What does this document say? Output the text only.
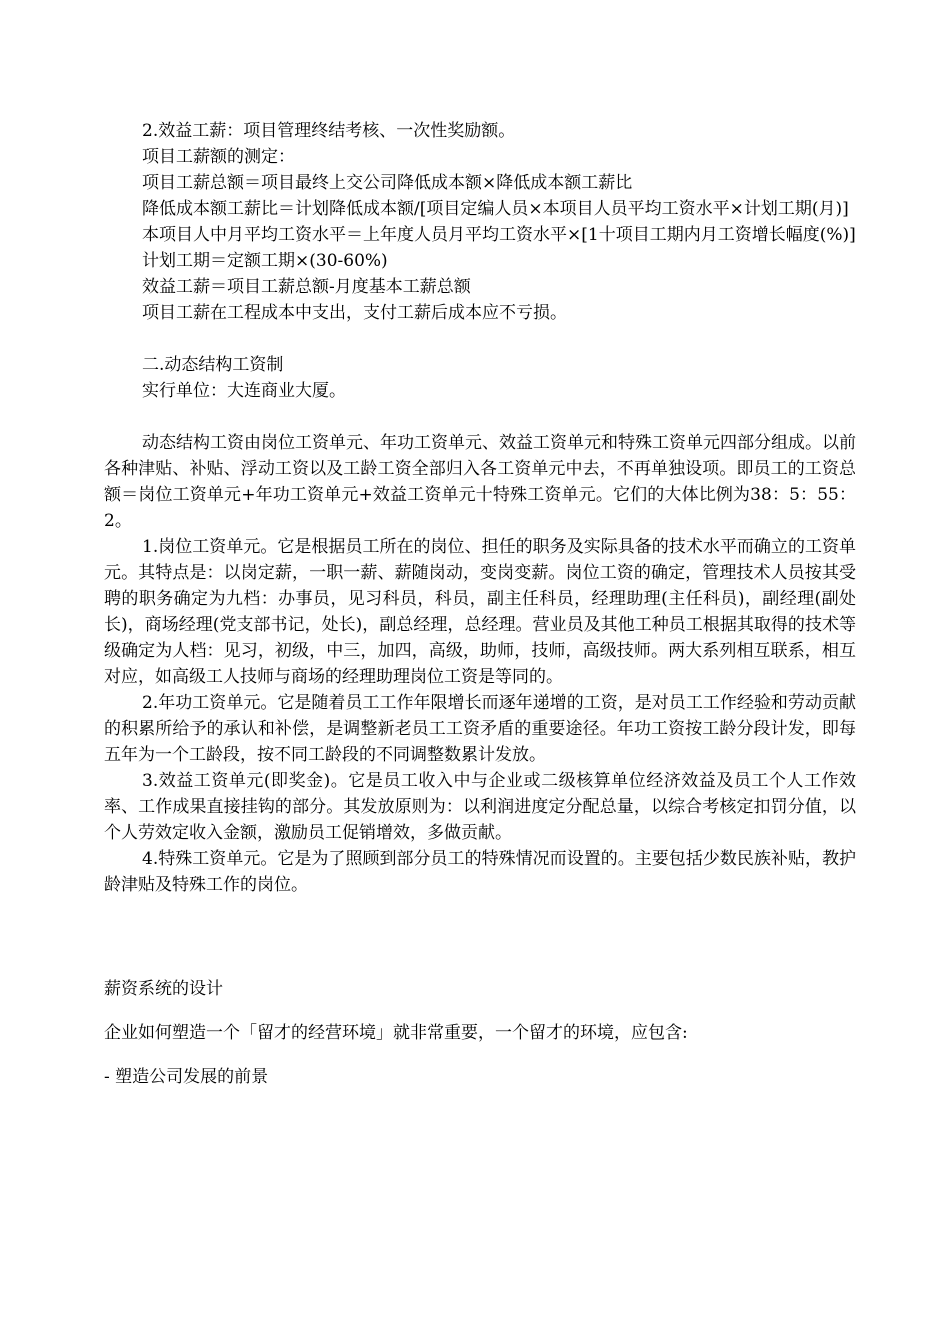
2.效益工薪：项目管理终结考核、一次性奖励额。

项目工薪额的测定：

项目工薪总额＝项目最终上交公司降低成本额×降低成本额工薪比

降低成本额工薪比＝计划降低成本额/[项目定编人员×本项目人员平均工资水平×计划工期(月)]

本项目人中月平均工资水平＝上年度人员月平均工资水平×[1十项目工期内月工资增长幅度(%)]

计划工期＝定额工期×(30-60%)

效益工薪＝项目工薪总额-月度基本工薪总额

项目工薪在工程成本中支出，支付工薪后成本应不亏损。

二.动态结构工资制

实行单位：大连商业大厦。

动态结构工资由岗位工资单元、年功工资单元、效益工资单元和特殊工资单元四部分组成。以前各种津贴、补贴、浮动工资以及工龄工资全部归入各工资单元中去，不再单独设项。即员工的工资总额＝岗位工资单元+年功工资单元+效益工资单元十特殊工资单元。它们的大体比例为38：5：55：2。

1.岗位工资单元。它是根据员工所在的岗位、担任的职务及实际具备的技术水平而确立的工资单元。其特点是：以岗定薪，一职一薪、薪随岗动，变岗变薪。岗位工资的确定，管理技术人员按其受聘的职务确定为九档：办事员，见习科员，科员，副主任科员，经理助理(主任科员)，副经理(副处长)，商场经理(党支部书记，处长)，副总经理，总经理。营业员及其他工种员工根据其取得的技术等级确定为人档：见习，初级，中三，加四，高级，助师，技师，高级技师。两大系列相互联系，相互对应，如高级工人技师与商场的经理助理岗位工资是等同的。

2.年功工资单元。它是随着员工工作年限增长而逐年递增的工资，是对员工工作经验和劳动贡献的积累所给予的承认和补偿，是调整新老员工工资矛盾的重要途径。年功工资按工龄分段计发，即每五年为一个工龄段，按不同工龄段的不同调整数累计发放。

3.效益工资单元(即奖金)。它是员工收入中与企业或二级核算单位经济效益及员工个人工作效率、工作成果直接挂钩的部分。其发放原则为：以利润进度定分配总量，以综合考核定扣罚分值，以个人劳效定收入金额，激励员工促销增效，多做贡献。

4.特殊工资单元。它是为了照顾到部分员工的特殊情况而设置的。主要包括少数民族补贴，教护龄津贴及特殊工作的岗位。

薪资系统的设计

企业如何塑造一个「留才的经营环境」就非常重要，一个留才的环境，应包含:

- 塑造公司发展的前景
